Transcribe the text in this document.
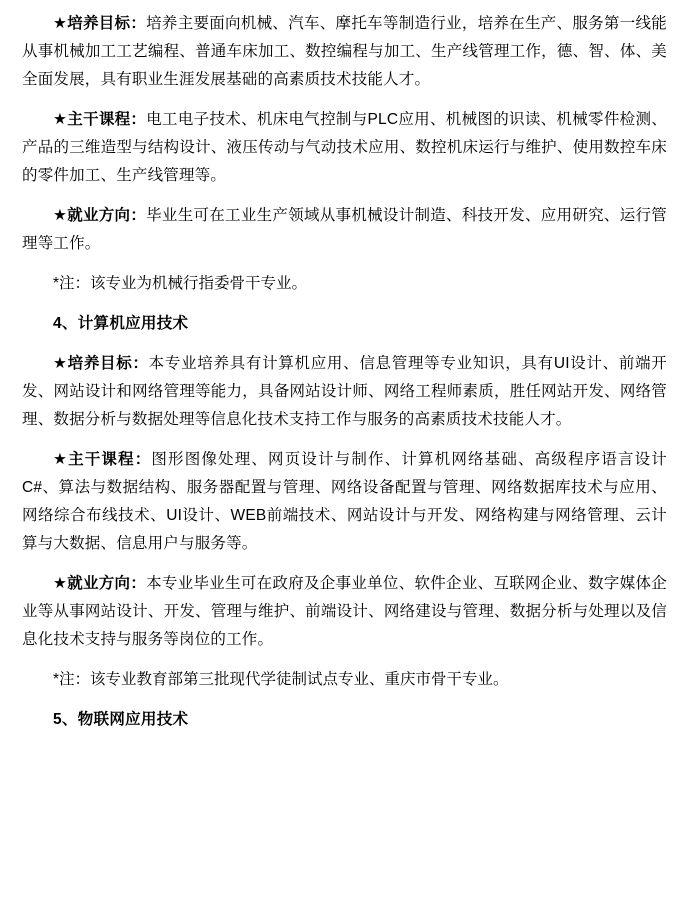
★培养目标：培养主要面向机械、汽车、摩托车等制造行业，培养在生产、服务第一线能从事机械加工工艺编程、普通车床加工、数控编程与加工、生产线管理工作，德、智、体、美全面发展，具有职业生涯发展基础的高素质技术技能人才。

★主干课程：电工电子技术、机床电气控制与PLC应用、机械图的识读、机械零件检测、产品的三维造型与结构设计、液压传动与气动技术应用、数控机床运行与维护、使用数控车床的零件加工、生产线管理等。

★就业方向：毕业生可在工业生产领域从事机械设计制造、科技开发、应用研究、运行管理等工作。

*注：该专业为机械行指委骨干专业。

4、计算机应用技术

★培养目标：本专业培养具有计算机应用、信息管理等专业知识，具有UI设计、前端开发、网站设计和网络管理等能力，具备网站设计师、网络工程师素质，胜任网站开发、网络管理、数据分析与数据处理等信息化技术支持工作与服务的高素质技术技能人才。

★主干课程：图形图像处理、网页设计与制作、计算机网络基础、高级程序语言设计C#、算法与数据结构、服务器配置与管理、网络设备配置与管理、网络数据库技术与应用、网络综合布线技术、UI设计、WEB前端技术、网站设计与开发、网络构建与网络管理、云计算与大数据、信息用户与服务等。

★就业方向：本专业毕业生可在政府及企事业单位、软件企业、互联网企业、数字媒体企业等从事网站设计、开发、管理与维护、前端设计、网络建设与管理、数据分析与处理以及信息化技术支持与服务等岗位的工作。

*注：该专业教育部第三批现代学徒制试点专业、重庆市骨干专业。

5、物联网应用技术
